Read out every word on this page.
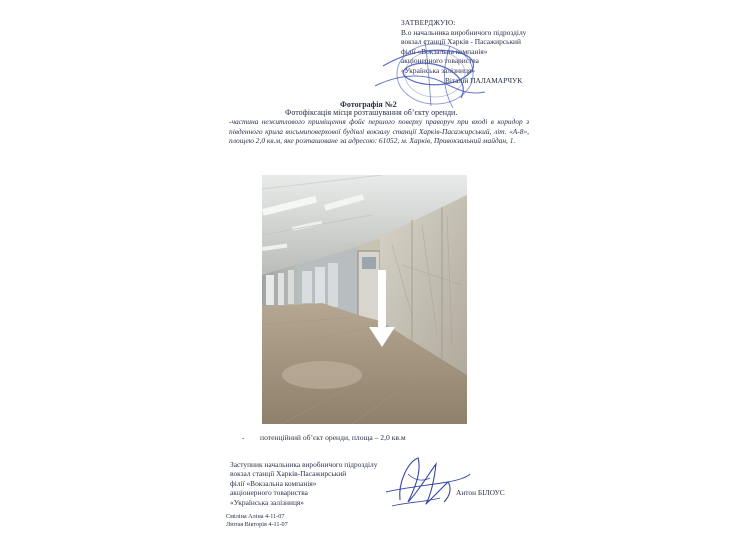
ЗАТВЕРДЖУЮ:
В.о начальника виробничого підрозділу
вокзал станції Харків - Пасажирський
філії «Вокзальна компанія»
акціонерного товариства
«Українська залізниця»
Віталій ПАЛАМАРЧУК
Фотографія №2
Фотофіксація місця розташування об’єкту оренди.
-частина нежитлового приміщення фойє першого поверху праворуч при вході в коридор з південного крила восьмиповерхової будівлі вокзалу станції Харків-Пасажирський, літ. «А-8», площею 2,0 кв.м, яке розташоване за адресою: 61052, м. Харків, Привокзальний майдан, 1.
- потенційний об’єкт оренди, площа – 2,0 кв.м
Заступник начальника виробничого підрозділу
вокзал станції Харків-Пасажирський
філії «Вокзальна компанія»
акціонерного товариства
«Українська залізниця»
Антон БІЛОУС
Сміліна Аліна 4-11-07
Лютая Вікторія 4-11-07
